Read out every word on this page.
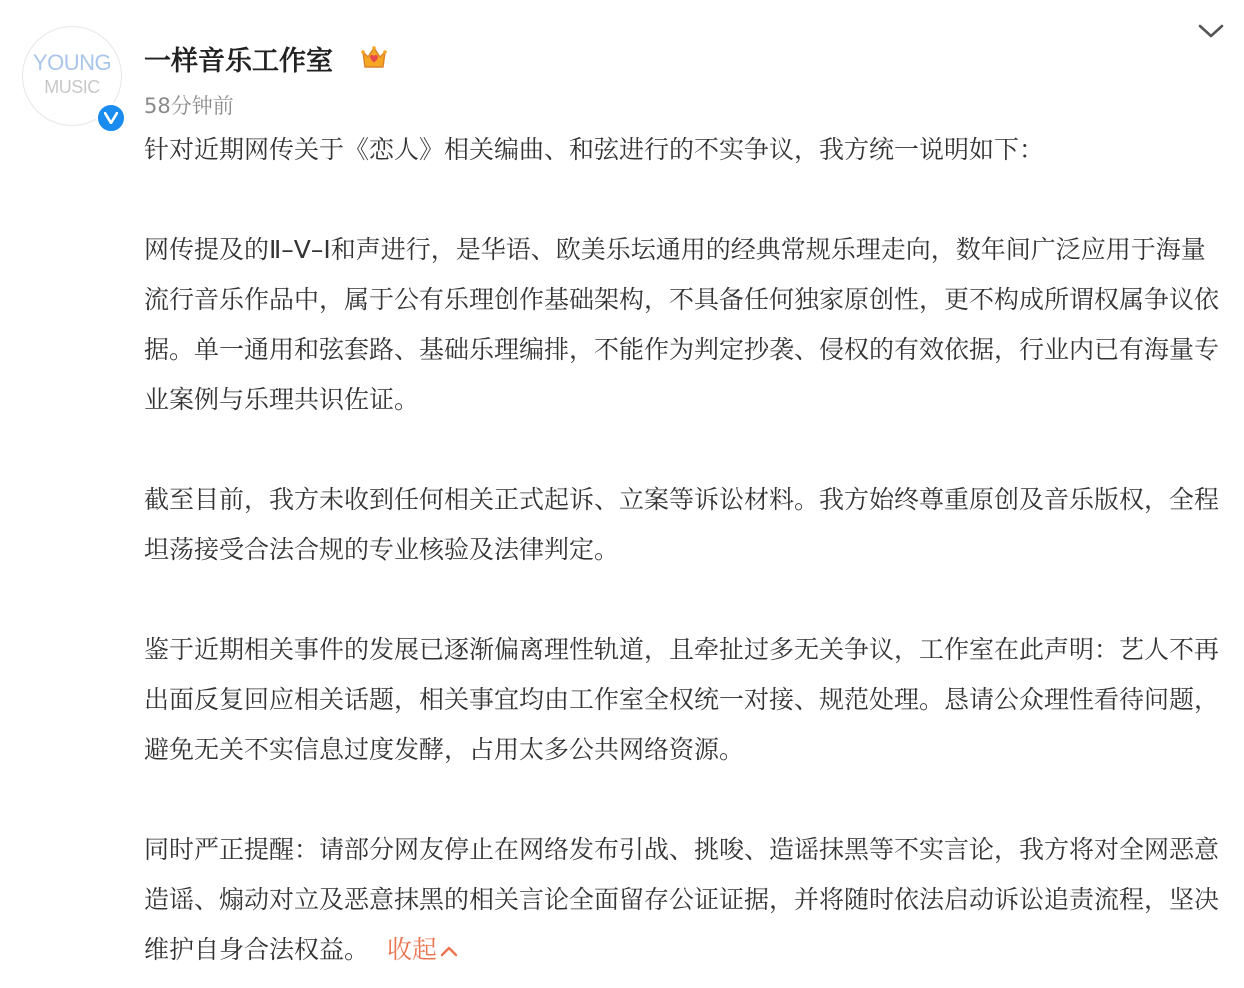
YOUNG
MUSIC
一样音乐工作室
58分钟前

针对近期网传关于《恋人》相关编曲、和弦进行的不实争议，我方统一说明如下：

网传提及的Ⅱ–Ⅴ–Ⅰ和声进行，是华语、欧美乐坛通用的经典常规乐理走向，数年间广泛应用于海量流行音乐作品中，属于公有乐理创作基础架构，不具备任何独家原创性，更不构成所谓权属争议依据。单一通用和弦套路、基础乐理编排，不能作为判定抄袭、侵权的有效依据，行业内已有海量专业案例与乐理共识佐证。

截至目前，我方未收到任何相关正式起诉、立案等诉讼材料。我方始终尊重原创及音乐版权，全程坦荡接受合法合规的专业核验及法律判定。

鉴于近期相关事件的发展已逐渐偏离理性轨道，且牵扯过多无关争议，工作室在此声明：艺人不再出面反复回应相关话题，相关事宜均由工作室全权统一对接、规范处理。恳请公众理性看待问题，避免无关不实信息过度发酵，占用太多公共网络资源。

同时严正提醒：请部分网友停止在网络发布引战、挑唆、造谣抹黑等不实言论，我方将对全网恶意造谣、煽动对立及恶意抹黑的相关言论全面留存公证证据，并将随时依法启动诉讼追责流程，坚决维护自身合法权益。 收起
